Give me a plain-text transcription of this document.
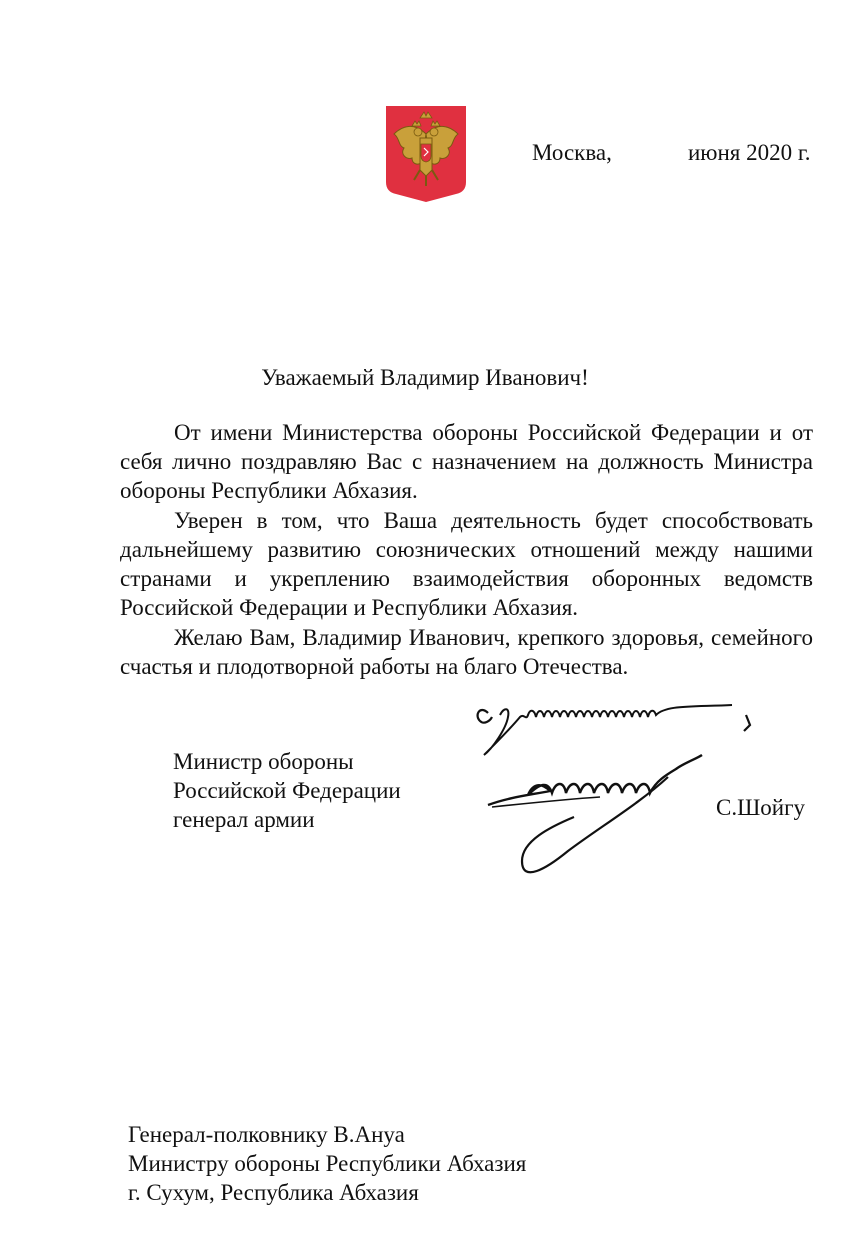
Москва,	июня 2020 г.
Уважаемый Владимир Иванович!

От имени Министерства обороны Российской Федерации и от себя лично поздравляю Вас с назначением на должность Министра обороны Республики Абхазия.

Уверен в том, что Ваша деятельность будет способствовать дальнейшему развитию союзнических отношений между нашими странами и укреплению взаимодействия оборонных ведомств Российской Федерации и Республики Абхазия.

Желаю Вам, Владимир Иванович, крепкого здоровья, семейного счастья и плодотворной работы на благо Отечества.

Министр обороны
Российской Федерации
генерал армии	С.Шойгу
Генерал-полковнику В.Ануа
Министру обороны Республики Абхазия
г. Сухум, Республика Абхазия
